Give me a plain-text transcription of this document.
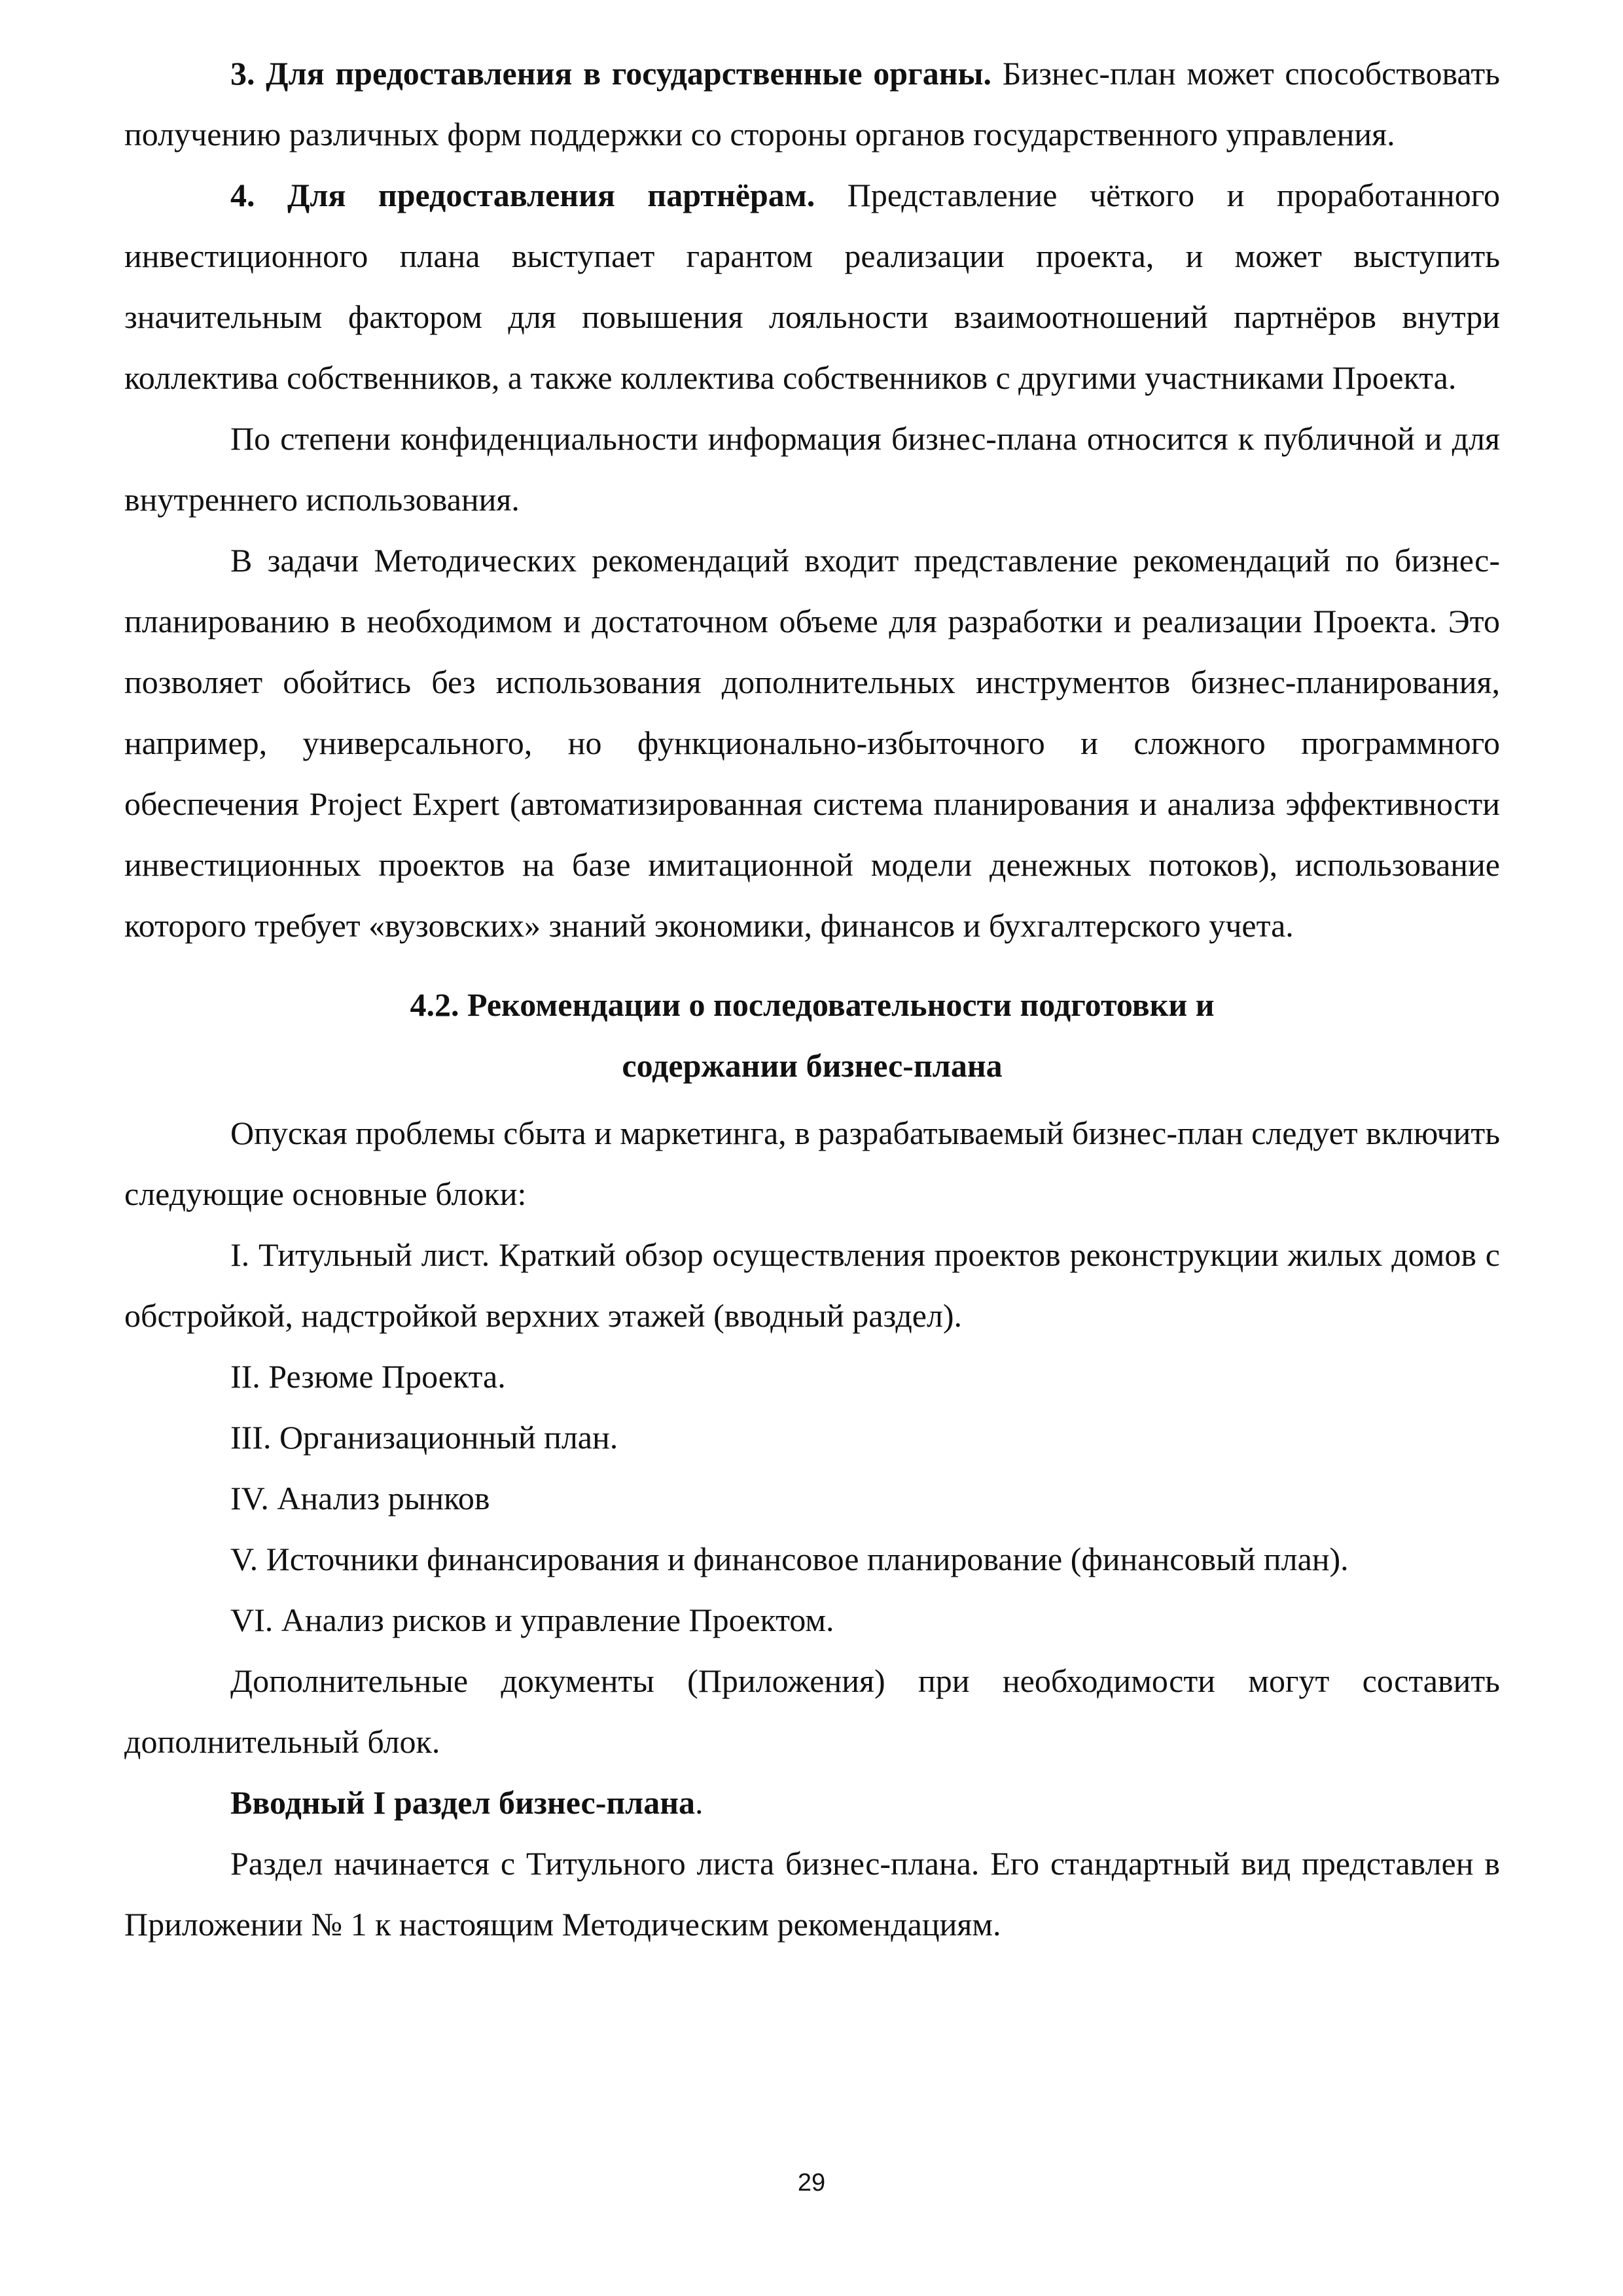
3. Для предоставления в государственные органы. Бизнес-план может способствовать получению различных форм поддержки со стороны органов государственного управления.

4. Для предоставления партнёрам. Представление чёткого и проработанного инвестиционного плана выступает гарантом реализации проекта, и может выступить значительным фактором для повышения лояльности взаимоотношений партнёров внутри коллектива собственников, а также коллектива собственников с другими участниками Проекта.

По степени конфиденциальности информация бизнес-плана относится к публичной и для внутреннего использования.

В задачи Методических рекомендаций входит представление рекомендаций по бизнес-планированию в необходимом и достаточном объеме для разработки и реализации Проекта. Это позволяет обойтись без использования дополнительных инструментов бизнес-планирования, например, универсального, но функционально-избыточного и сложного программного обеспечения Project Expert (автоматизированная система планирования и анализа эффективности инвестиционных проектов на базе имитационной модели денежных потоков), использование которого требует «вузовских» знаний экономики, финансов и бухгалтерского учета.

4.2. Рекомендации о последовательности подготовки и
содержании бизнес-плана

Опуская проблемы сбыта и маркетинга, в разрабатываемый бизнес-план следует включить следующие основные блоки:

I. Титульный лист. Краткий обзор осуществления проектов реконструкции жилых домов с обстройкой, надстройкой верхних этажей (вводный раздел).

II. Резюме Проекта.

III. Организационный план.

IV. Анализ рынков

V. Источники финансирования и финансовое планирование (финансовый план).

VI. Анализ рисков и управление Проектом.

Дополнительные документы (Приложения) при необходимости могут составить дополнительный блок.

Вводный I раздел бизнес-плана.

Раздел начинается с Титульного листа бизнес-плана. Его стандартный вид представлен в Приложении № 1 к настоящим Методическим рекомендациям.

29
